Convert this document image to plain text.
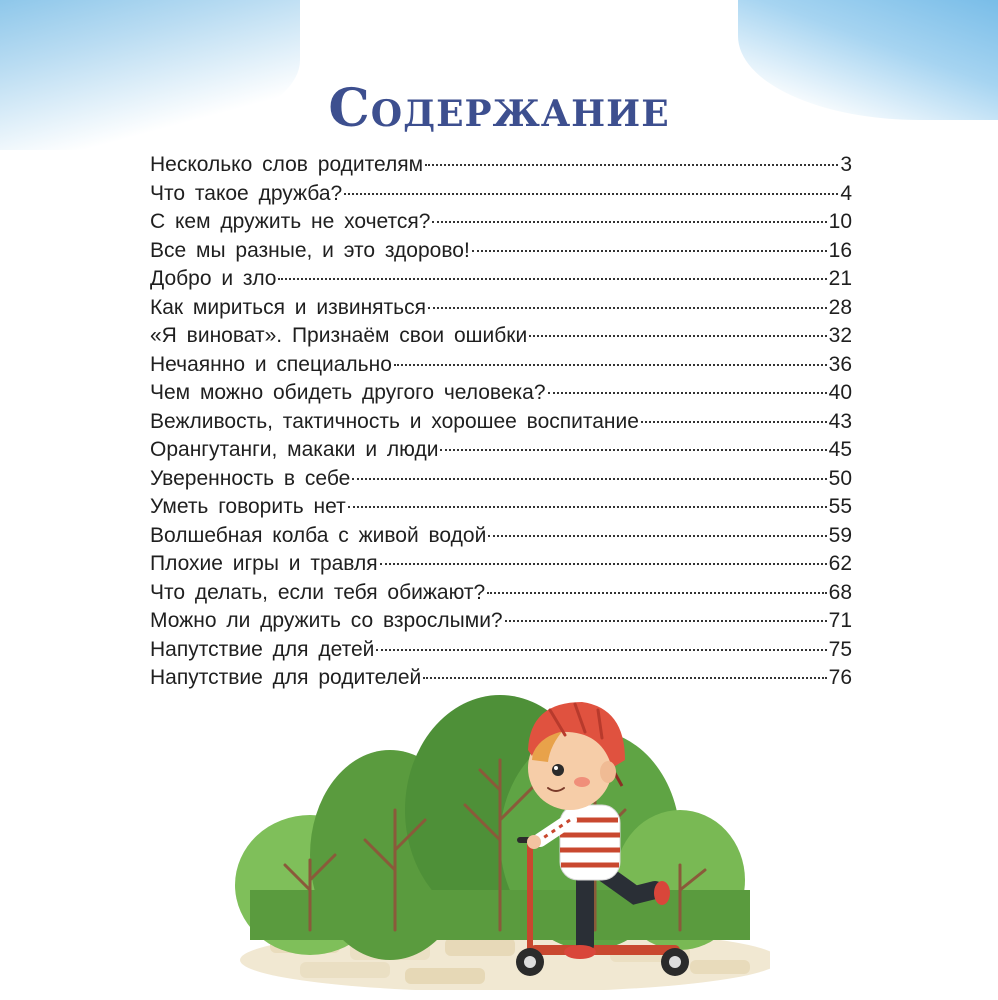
Содержание
Несколько слов родителям	3
Что такое дружба?	4
С кем дружить не хочется?	10
Все мы разные, и это здорово!	16
Добро и зло	21
Как мириться и извиняться	28
«Я виноват». Признаём свои ошибки	32
Нечаянно и специально	36
Чем можно обидеть другого человека?	40
Вежливость, тактичность и хорошее воспитание	43
Орангутанги, макаки и люди	45
Уверенность в себе	50
Уметь говорить нет	55
Волшебная колба с живой водой	59
Плохие игры и травля	62
Что делать, если тебя обижают?	68
Можно ли дружить со взрослыми?	71
Напутствие для детей	75
Напутствие для родителей	76
